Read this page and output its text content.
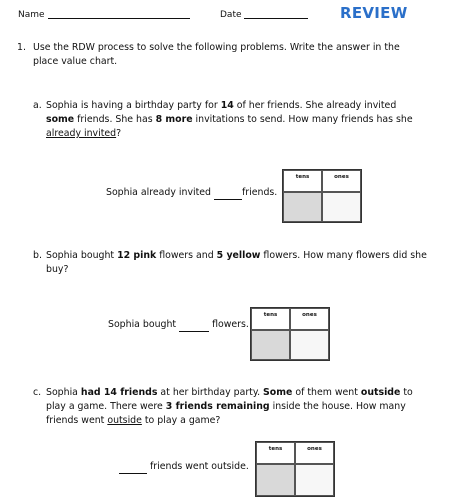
Name	Date	REVIEW
1. Use the RDW process to solve the following problems. Write the answer in the
place value chart.
a. Sophia is having a birthday party for 14 of her friends. She already invited
some friends. She has 8 more invitations to send. How many friends has she
already invited?
Sophia already invited	friends.
tens	ones
b. Sophia bought 12 pink flowers and 5 yellow flowers. How many flowers did she
buy?
Sophia bought	flowers.
tens	ones
c. Sophia had 14 friends at her birthday party. Some of them went outside to
play a game. There were 3 friends remaining inside the house. How many
friends went outside to play a game?
friends went outside.
tens	ones
